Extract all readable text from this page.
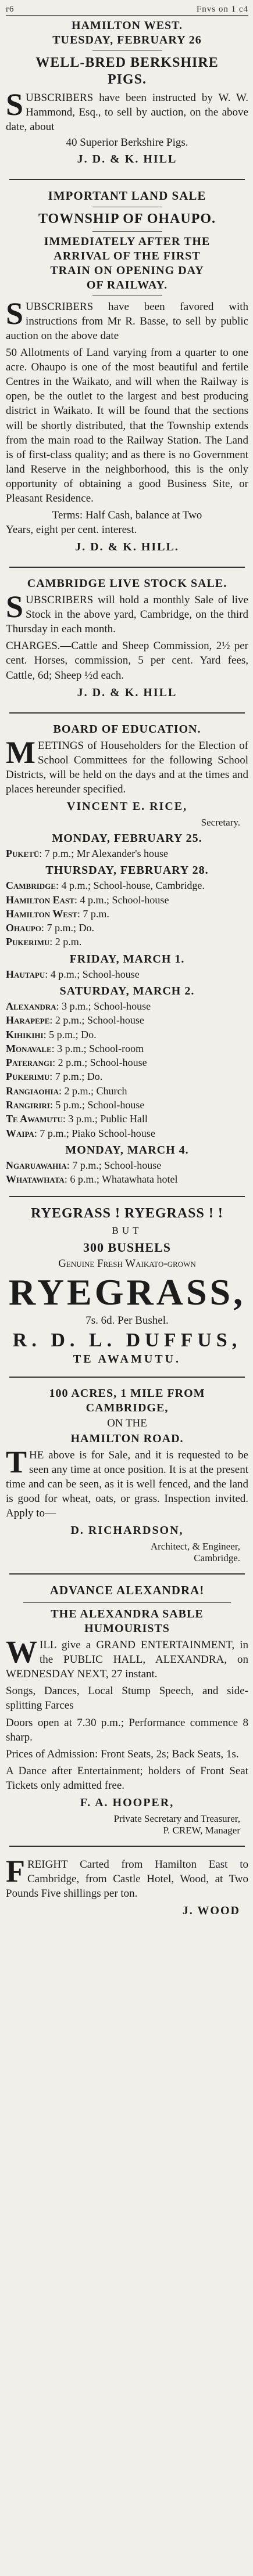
r6	Fnvs on 1 c4
HAMILTON WEST.
TUESDAY, FEBRUARY 26
WELL-BRED BERKSHIRE
PIGS.
S UBSCRIBERS have been instructed by W. W. Hammond, Esq., to sell by auction, on the above date, about
40 Superior Berkshire Pigs.
J. D. & K. HILL
IMPORTANT LAND SALE
TOWNSHIP OF OHAUPO.
IMMEDIATELY AFTER THE
ARRIVAL OF THE FIRST
TRAIN ON OPENING DAY
OF RAILWAY.
S UBSCRIBERS have been favored with instructions from Mr R. Basse, to sell by public auction on the above date
50 Allotments of Land varying from a quarter to one acre. Ohaupo is one of the most beautiful and fertile Centres in the Waikato, and will when the Railway is open, be the outlet to the largest and best producing district in Waikato. It will be found that the sections will be shortly distributed, that the Township extends from the main road to the Railway Station. The Land is of first-class quality; and as there is no Government land Reserve in the neighborhood, this is the only opportunity of obtaining a good Business Site, or Pleasant Residence.
Terms: Half Cash, balance at Two
Years, eight per cent. interest.
J. D. & K. HILL.
CAMBRIDGE LIVE STOCK SALE.
S UBSCRIBERS will hold a monthly Sale of live Stock in the above yard, Cambridge, on the third Thursday in each month.
CHARGES.—Cattle and Sheep Commission, 2½ per cent. Horses, commission, 5 per cent. Yard fees, Cattle, 6d; Sheep ½d each.
J. D. & K. HILL
BOARD OF EDUCATION.
M EETINGS of Householders for the Election of School Committees for the following School Districts, will be held on the days and at the times and places hereunder specified.
VINCENT E. RICE,
Secretary.
MONDAY, FEBRUARY 25.
Puketü: 7 p.m.; Mr Alexander's house
THURSDAY, FEBRUARY 28.
Cambridge: 4 p.m.; School-house, Cambridge.
Hamilton East: 4 p.m.; School-house
Hamilton West: 7 p.m.
Ohaupo: 7 p.m.; Do.
Pukerimu: 2 p.m.
FRIDAY, MARCH 1.
Hautapu: 4 p.m.; School-house
SATURDAY, MARCH 2.
Alexandra: 3 p.m.; School-house
Harapepe: 2 p.m.; School-house
Kihikihi: 5 p.m.; Do.
Monavale: 3 p.m.; School-room
Paterangi: 2 p.m.; School-house
Pukerimu: 7 p.m.; Do.
Rangiaohia: 2 p.m.; Church
Rangiriri: 5 p.m.; School-house
Te Awamutu: 3 p.m.; Public Hall
Waipa: 7 p.m.; Piako School-house
MONDAY, MARCH 4.
Ngaruawahia: 7 p.m.; School-house
Whatawhata: 6 p.m.; Whatawhata hotel
RYEGRASS ! RYEGRASS ! !
BUT
300 BUSHELS
Genuine Fresh Waikato-grown
RYEGRASS,
7s. 6d. Per Bushel.
R. D. L. DUFFUS,
TE AWAMUTU.
100 ACRES, 1 MILE FROM
CAMBRIDGE,
ON THE
HAMILTON ROAD.
T HE above is for Sale, and it is requested to be seen any time at once position. It is at the present time and can be seen, as it is well fenced, and the land is good for wheat, oats, or grass. Inspection invited. Apply to—
D. RICHARDSON,
Architect, & Engineer,
Cambridge.
ADVANCE ALEXANDRA!
THE ALEXANDRA SABLE
HUMOURISTS
W ILL give a GRAND ENTERTAINMENT, in the PUBLIC HALL, ALEXANDRA, on WEDNESDAY NEXT, 27 instant.
Songs, Dances, Local Stump Speech, and side-splitting Farces
Doors open at 7.30 p.m.; Performance commence 8 sharp.
Prices of Admission: Front Seats, 2s; Back Seats, 1s.
A Dance after Entertainment; holders of Front Seat Tickets only admitted free.
F. A. HOOPER,
Private Secretary and Treasurer,
P. CREW, Manager
F REIGHT Carted from Hamilton East to Cambridge, from Castle Hotel, Wood, at Two Pounds Five shillings per ton.
J. WOOD
